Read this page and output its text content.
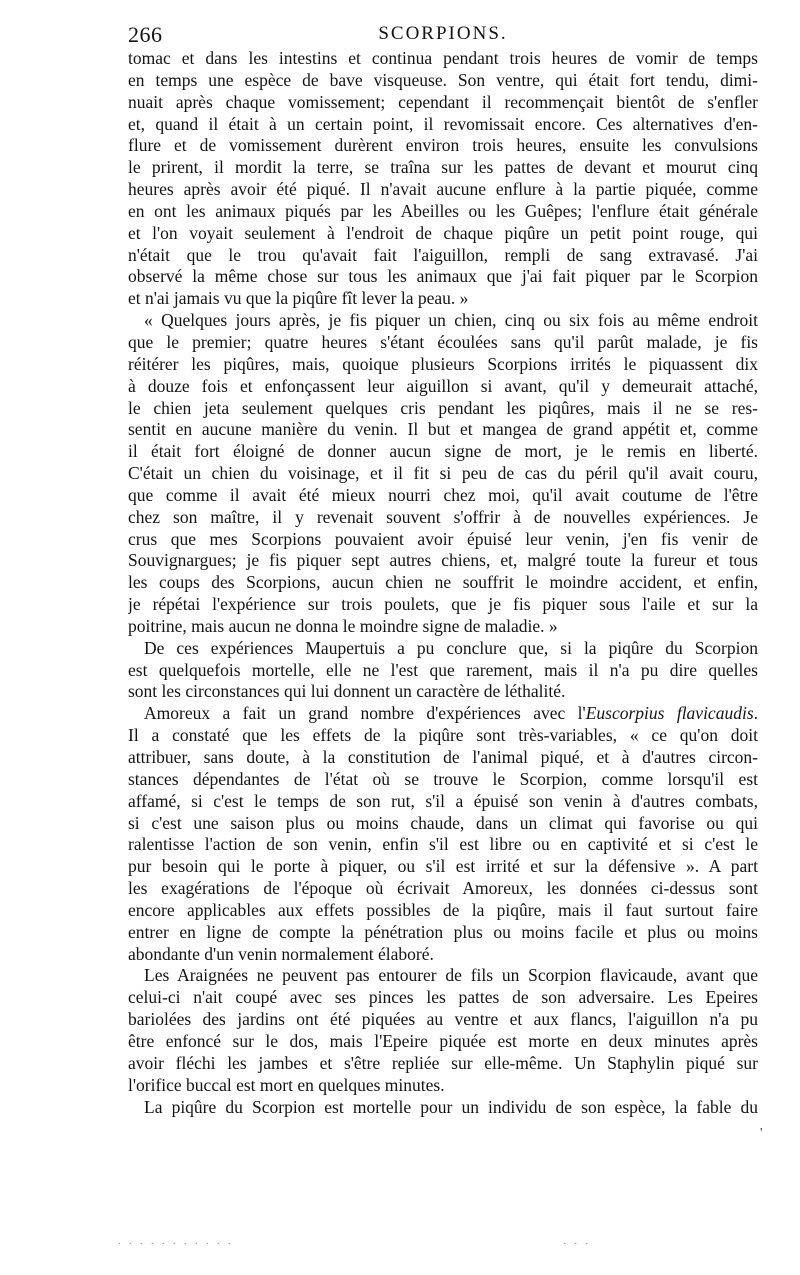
266	SCORPIONS.
tomac et dans les intestins et continua pendant trois heures de vomir de temps
en temps une espèce de bave visqueuse. Son ventre, qui était fort tendu, dimi-
nuait après chaque vomissement; cependant il recommençait bientôt de s'enfler
et, quand il était à un certain point, il revomissait encore. Ces alternatives d'en-
flure et de vomissement durèrent environ trois heures, ensuite les convulsions
le prirent, il mordit la terre, se traîna sur les pattes de devant et mourut cinq
heures après avoir été piqué. Il n'avait aucune enflure à la partie piquée, comme
en ont les animaux piqués par les Abeilles ou les Guêpes; l'enflure était générale
et l'on voyait seulement à l'endroit de chaque piqûre un petit point rouge, qui
n'était que le trou qu'avait fait l'aiguillon, rempli de sang extravasé. J'ai
observé la même chose sur tous les animaux que j'ai fait piquer par le Scorpion
et n'ai jamais vu que la piqûre fît lever la peau. »
« Quelques jours après, je fis piquer un chien, cinq ou six fois au même endroit
que le premier; quatre heures s'étant écoulées sans qu'il parût malade, je fis
réitérer les piqûres, mais, quoique plusieurs Scorpions irrités le piquassent dix
à douze fois et enfonçassent leur aiguillon si avant, qu'il y demeurait attaché,
le chien jeta seulement quelques cris pendant les piqûres, mais il ne se res-
sentit en aucune manière du venin. Il but et mangea de grand appétit et, comme
il était fort éloigné de donner aucun signe de mort, je le remis en liberté.
C'était un chien du voisinage, et il fit si peu de cas du péril qu'il avait couru,
que comme il avait été mieux nourri chez moi, qu'il avait coutume de l'être
chez son maître, il y revenait souvent s'offrir à de nouvelles expériences. Je
crus que mes Scorpions pouvaient avoir épuisé leur venin, j'en fis venir de
Souvignargues; je fis piquer sept autres chiens, et, malgré toute la fureur et tous
les coups des Scorpions, aucun chien ne souffrit le moindre accident, et enfin,
je répétai l'expérience sur trois poulets, que je fis piquer sous l'aile et sur la
poitrine, mais aucun ne donna le moindre signe de maladie. »
De ces expériences Maupertuis a pu conclure que, si la piqûre du Scorpion
est quelquefois mortelle, elle ne l'est que rarement, mais il n'a pu dire quelles
sont les circonstances qui lui donnent un caractère de léthalité.
Amoreux a fait un grand nombre d'expériences avec l'Euscorpius flavicaudis.
Il a constaté que les effets de la piqûre sont très-variables, « ce qu'on doit
attribuer, sans doute, à la constitution de l'animal piqué, et à d'autres circon-
stances dépendantes de l'état où se trouve le Scorpion, comme lorsqu'il est
affamé, si c'est le temps de son rut, s'il a épuisé son venin à d'autres combats,
si c'est une saison plus ou moins chaude, dans un climat qui favorise ou qui
ralentisse l'action de son venin, enfin s'il est libre ou en captivité et si c'est le
pur besoin qui le porte à piquer, ou s'il est irrité et sur la défensive ». A part
les exagérations de l'époque où écrivait Amoreux, les données ci-dessus sont
encore applicables aux effets possibles de la piqûre, mais il faut surtout faire
entrer en ligne de compte la pénétration plus ou moins facile et plus ou moins
abondante d'un venin normalement élaboré.
Les Araignées ne peuvent pas entourer de fils un Scorpion flavicaude, avant que
celui-ci n'ait coupé avec ses pinces les pattes de son adversaire. Les Epeires
bariolées des jardins ont été piquées au ventre et aux flancs, l'aiguillon n'a pu
être enfoncé sur le dos, mais l'Epeire piquée est morte en deux minutes après
avoir fléchi les jambes et s'être repliée sur elle-même. Un Staphylin piqué sur
l'orifice buccal est mort en quelques minutes.
La piqûre du Scorpion est mortelle pour un individu de son espèce, la fable du
'
. . . . . . . . . . .                                                            . . .
